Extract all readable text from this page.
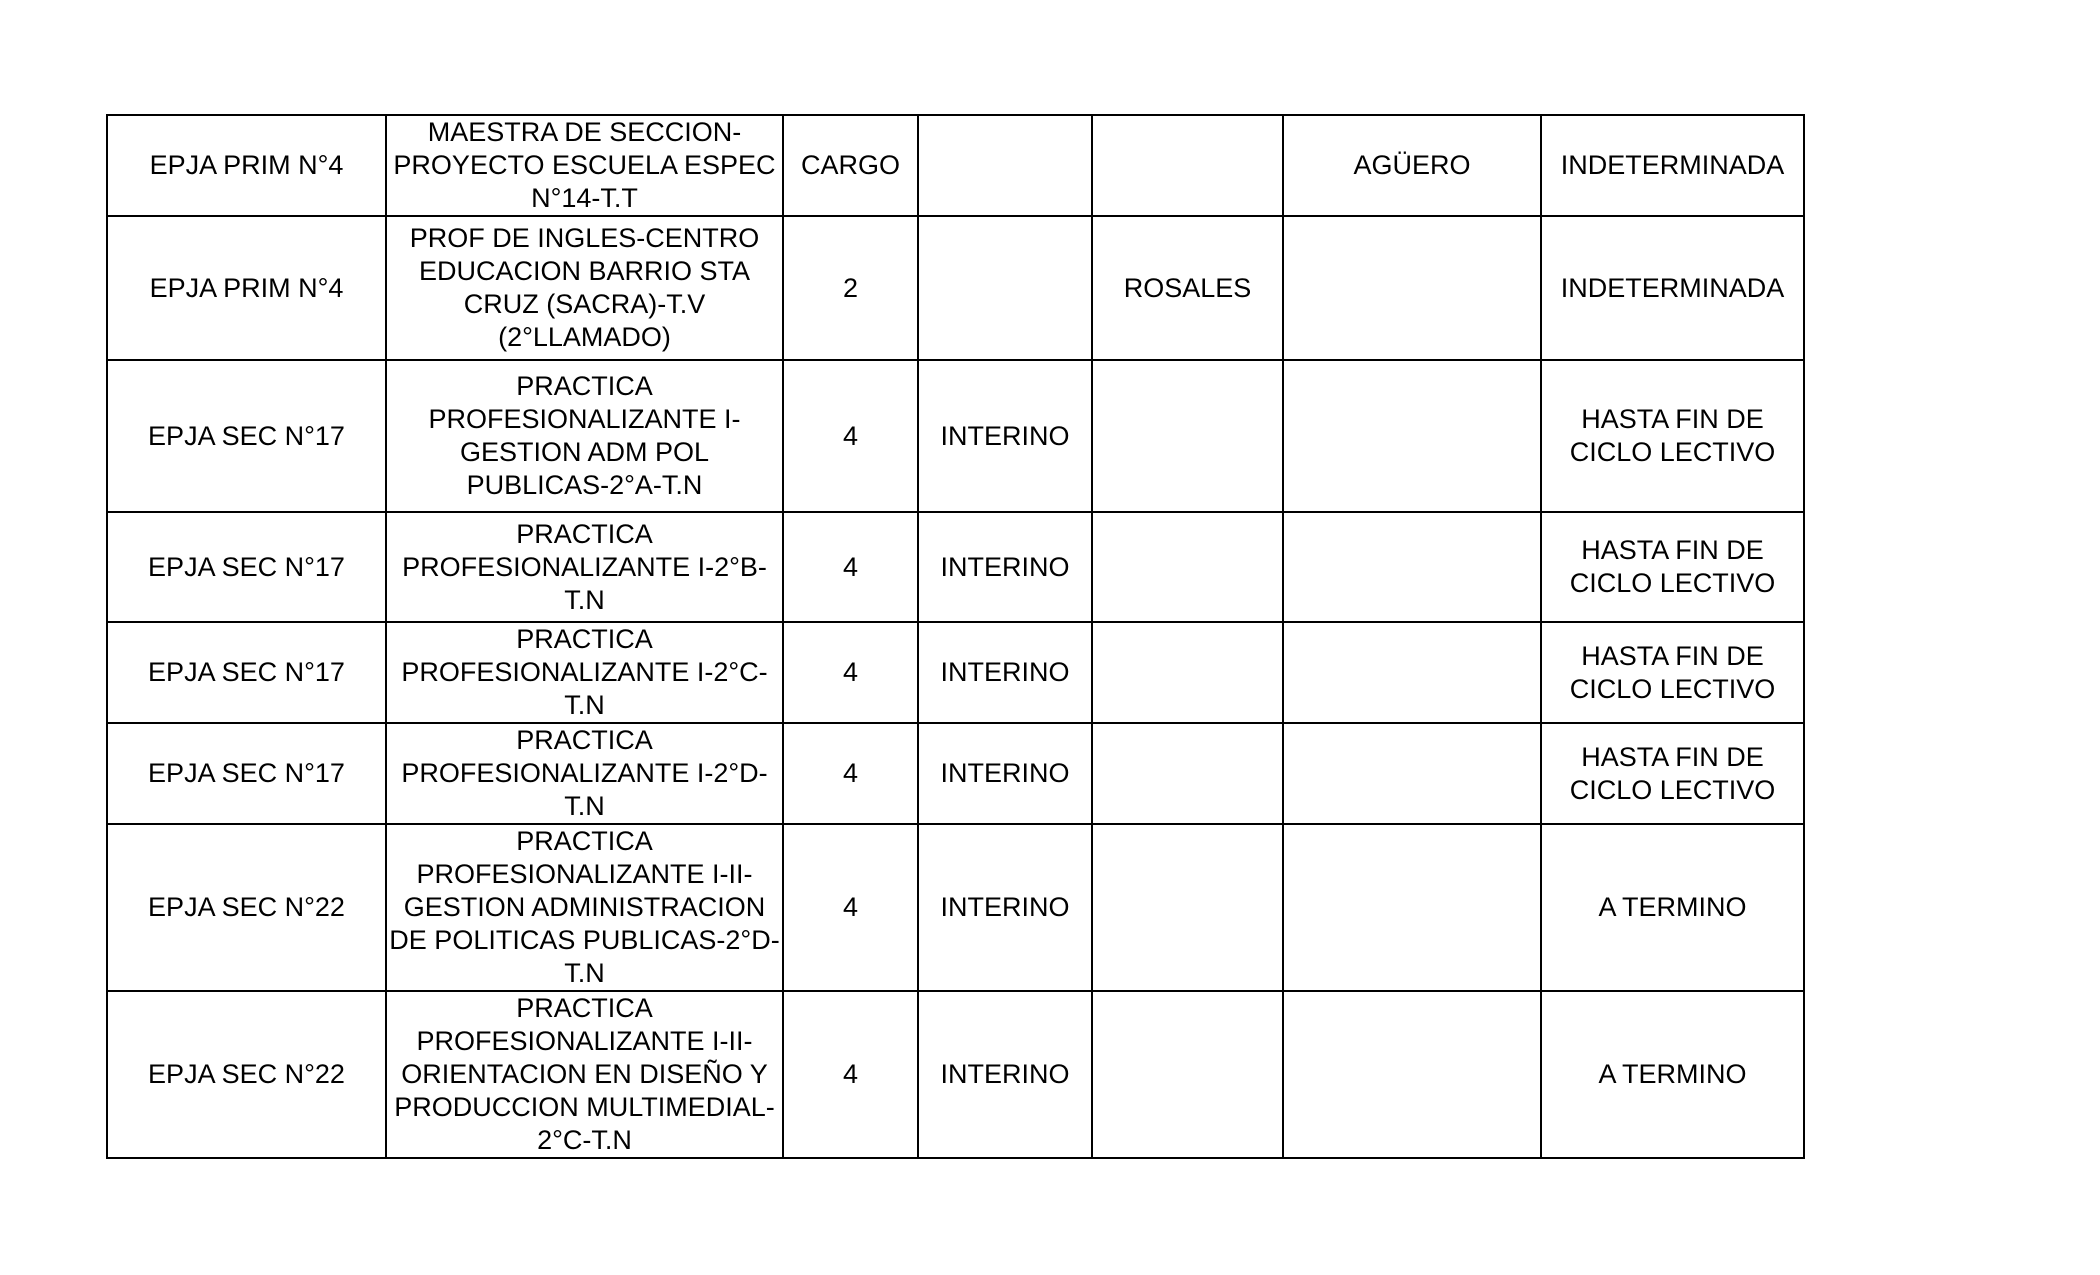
EPJA PRIM N°4	MAESTRA DE SECCION-
PROYECTO ESCUELA ESPEC
N°14-T.T	CARGO			AGÜERO	INDETERMINADA
EPJA PRIM N°4	PROF DE INGLES-CENTRO
EDUCACION BARRIO STA
CRUZ (SACRA)-T.V
(2°LLAMADO)	2		ROSALES		INDETERMINADA
EPJA SEC N°17	PRACTICA
PROFESIONALIZANTE I-
GESTION ADM POL
PUBLICAS-2°A-T.N	4	INTERINO			HASTA FIN DE
CICLO LECTIVO
EPJA SEC N°17	PRACTICA
PROFESIONALIZANTE I-2°B-
T.N	4	INTERINO			HASTA FIN DE
CICLO LECTIVO
EPJA SEC N°17	PRACTICA
PROFESIONALIZANTE I-2°C-
T.N	4	INTERINO			HASTA FIN DE
CICLO LECTIVO
EPJA SEC N°17	PRACTICA
PROFESIONALIZANTE I-2°D-
T.N	4	INTERINO			HASTA FIN DE
CICLO LECTIVO
EPJA SEC N°22	PRACTICA
PROFESIONALIZANTE I-II-
GESTION ADMINISTRACION
DE POLITICAS PUBLICAS-2°D-
T.N	4	INTERINO			A TERMINO
EPJA SEC N°22	PRACTICA
PROFESIONALIZANTE I-II-
ORIENTACION EN DISEÑO Y
PRODUCCION MULTIMEDIAL-
2°C-T.N	4	INTERINO			A TERMINO
